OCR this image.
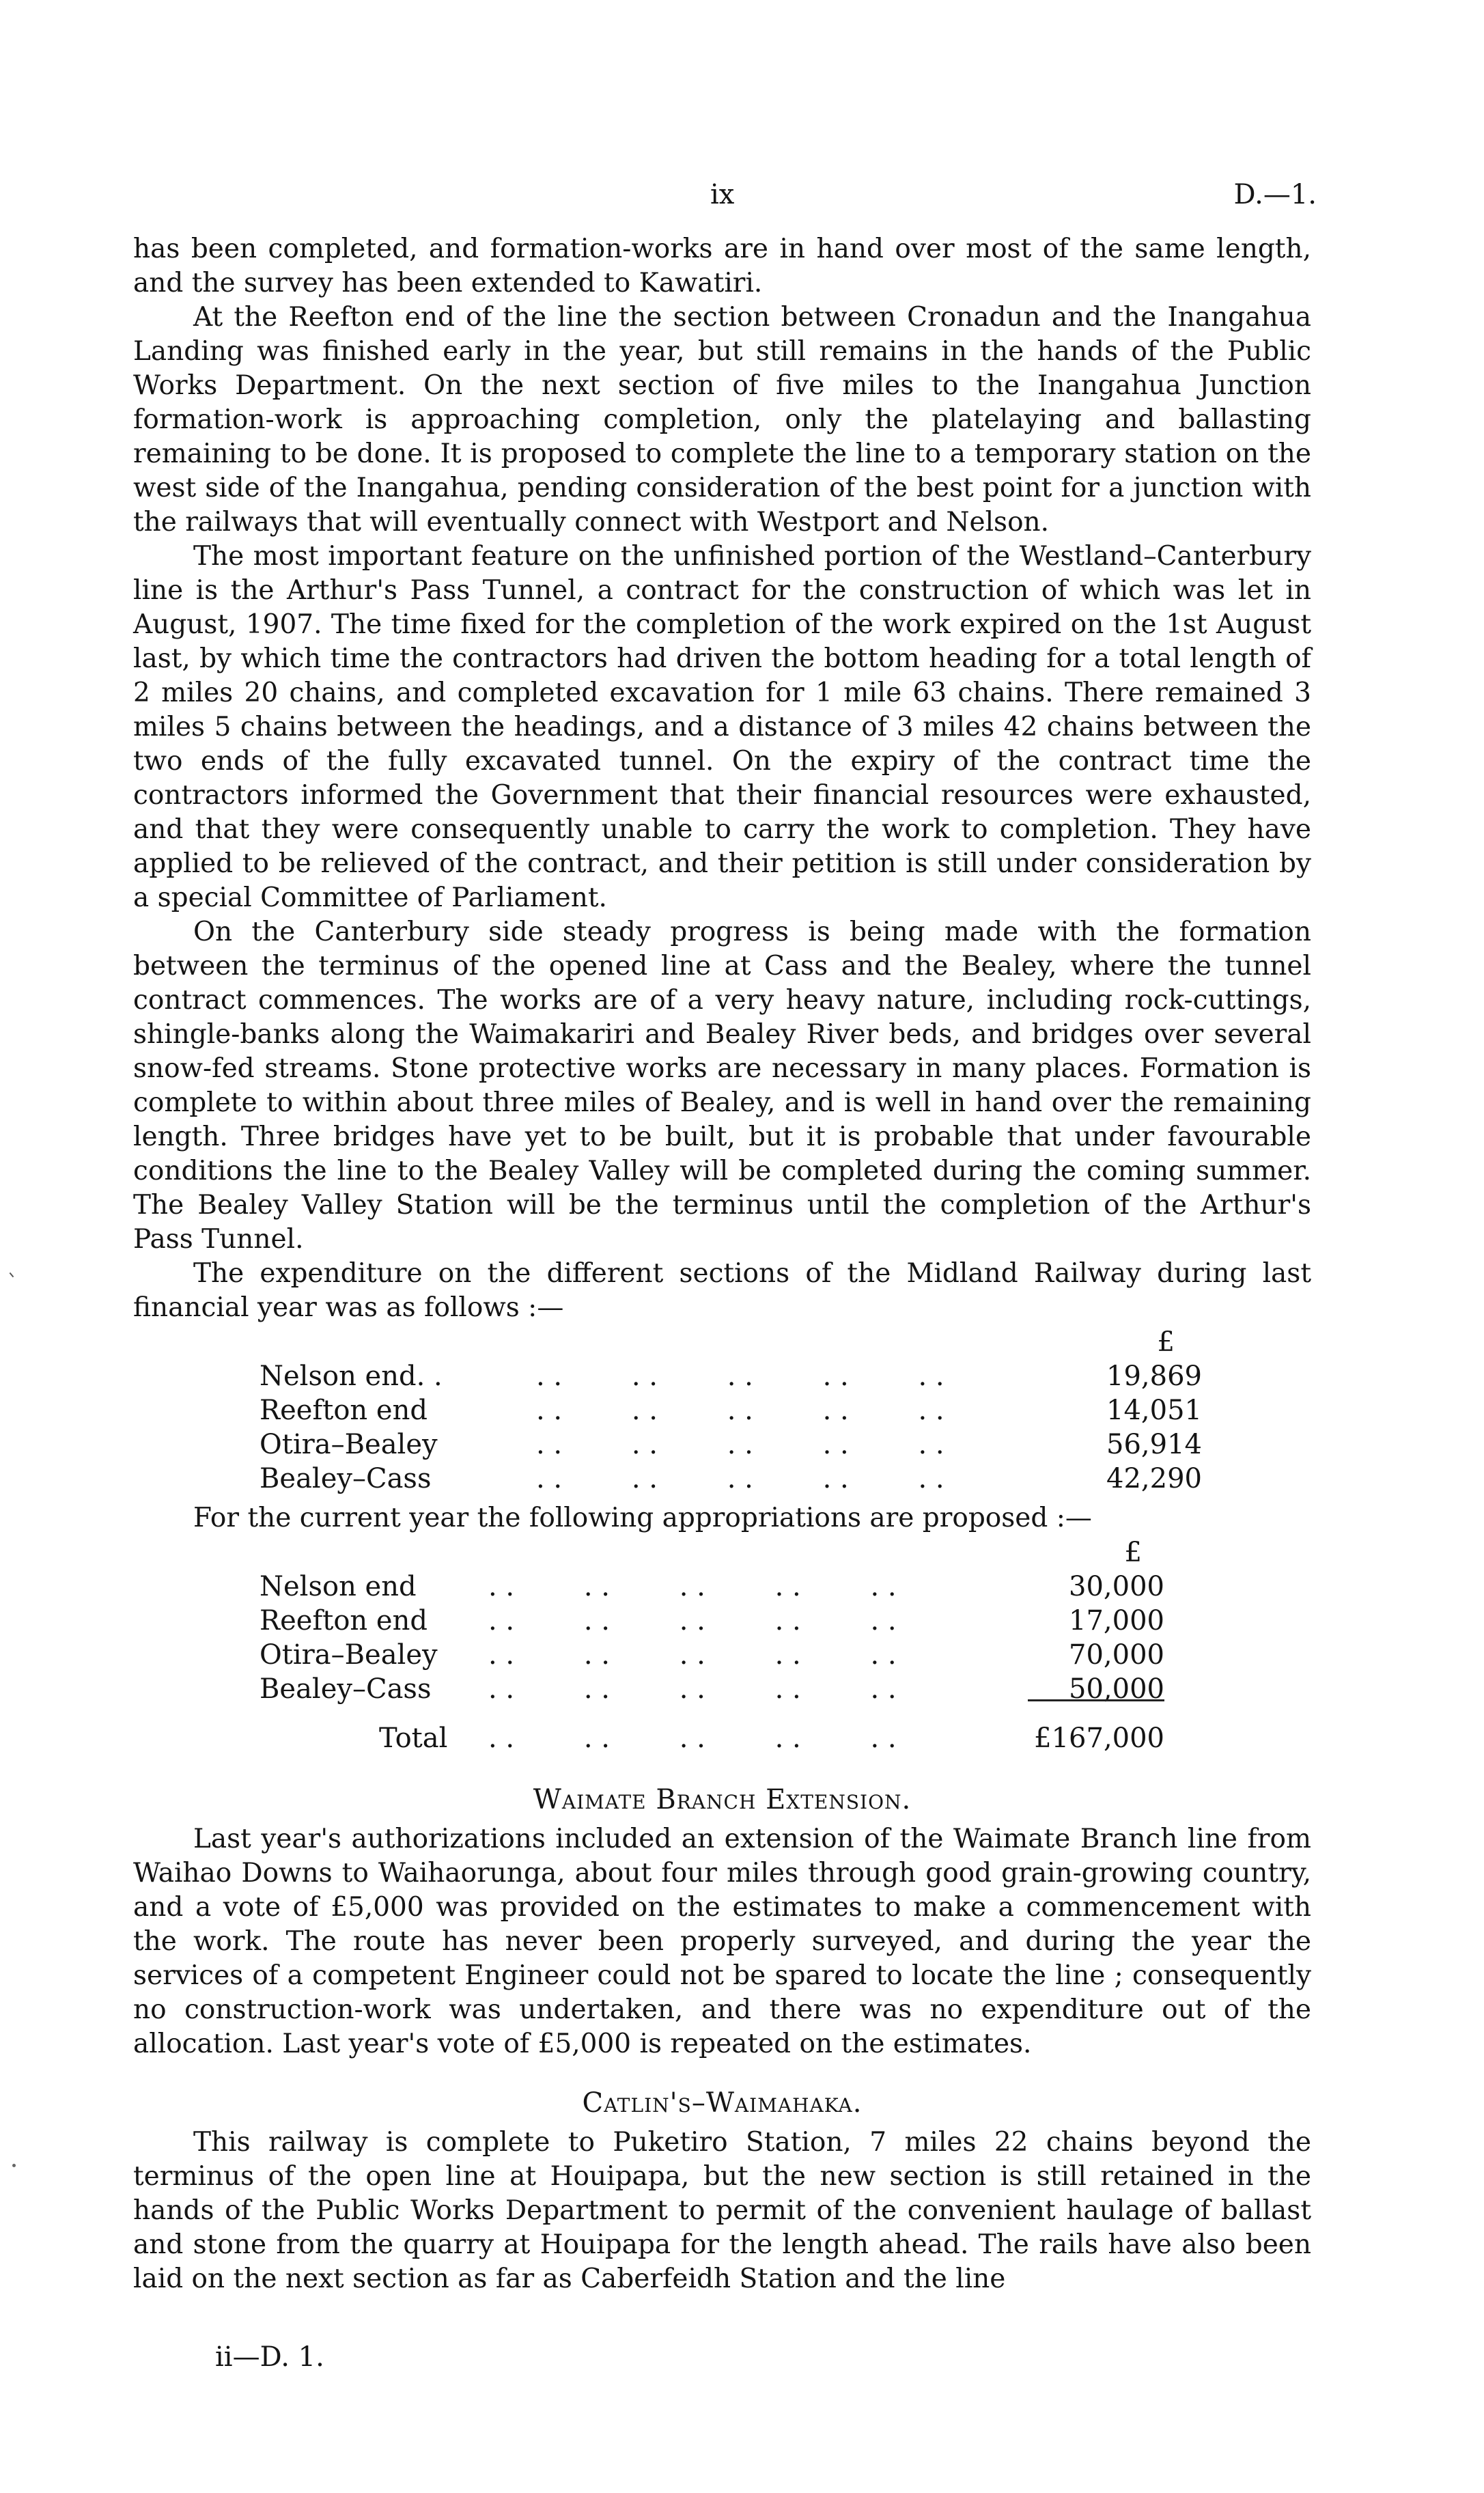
ix	D.—1.

has been completed, and formation-works are in hand over most of the same length, and the survey has been extended to Kawatiri.

At the Reefton end of the line the section between Cronadun and the Inangahua Landing was finished early in the year, but still remains in the hands of the Public Works Department. On the next section of five miles to the Inangahua Junction formation-work is approaching completion, only the platelaying and ballasting remaining to be done. It is proposed to complete the line to a temporary station on the west side of the Inangahua, pending consideration of the best point for a junction with the railways that will eventually connect with Westport and Nelson.

The most important feature on the unfinished portion of the Westland–Canterbury line is the Arthur's Pass Tunnel, a contract for the construction of which was let in August, 1907. The time fixed for the completion of the work expired on the 1st August last, by which time the contractors had driven the bottom heading for a total length of 2 miles 20 chains, and completed excavation for 1 mile 63 chains. There remained 3 miles 5 chains between the headings, and a distance of 3 miles 42 chains between the two ends of the fully excavated tunnel. On the expiry of the contract time the contractors informed the Government that their financial resources were exhausted, and that they were consequently unable to carry the work to completion. They have applied to be relieved of the contract, and their petition is still under consideration by a special Committee of Parliament.

On the Canterbury side steady progress is being made with the formation between the terminus of the opened line at Cass and the Bealey, where the tunnel contract commences. The works are of a very heavy nature, including rock-cuttings, shingle-banks along the Waimakariri and Bealey River beds, and bridges over several snow-fed streams. Stone protective works are necessary in many places. Formation is complete to within about three miles of Bealey, and is well in hand over the remaining length. Three bridges have yet to be built, but it is probable that under favourable conditions the line to the Bealey Valley will be completed during the coming summer. The Bealey Valley Station will be the terminus until the completion of the Arthur's Pass Tunnel.

The expenditure on the different sections of the Midland Railway during last financial year was as follows :—

£
Nelson end. .	. .        . .        . .        . .        . .	19,869
Reefton end	. .        . .        . .        . .        . .	14,051
Otira–Bealey	. .        . .        . .        . .        . .	56,914
Bealey–Cass	. .        . .        . .        . .        . .	42,290

For the current year the following appropriations are proposed :—

£
Nelson end	. .        . .        . .        . .        . .	30,000
Reefton end . .        . .        . .        . .        . .	17,000
Otira–Bealey . .        . .        . .        . .        . .	70,000
Bealey–Cass . .        . .        . .        . .        . .	50,000
Total . .        . .        . .        . .        . .	£167,000

Waimate Branch Extension.

Last year's authorizations included an extension of the Waimate Branch line from Waihao Downs to Waihaorunga, about four miles through good grain-growing country, and a vote of £5,000 was provided on the estimates to make a commencement with the work. The route has never been properly surveyed, and during the year the services of a competent Engineer could not be spared to locate the line ; consequently no construction-work was undertaken, and there was no expenditure out of the allocation. Last year's vote of £5,000 is repeated on the estimates.

Catlin's–Waimahaka.

This railway is complete to Puketiro Station, 7 miles 22 chains beyond the terminus of the open line at Houipapa, but the new section is still retained in the hands of the Public Works Department to permit of the convenient haulage of ballast and stone from the quarry at Houipapa for the length ahead. The rails have also been laid on the next section as far as Caberfeidh Station and the line

ii—D. 1.
